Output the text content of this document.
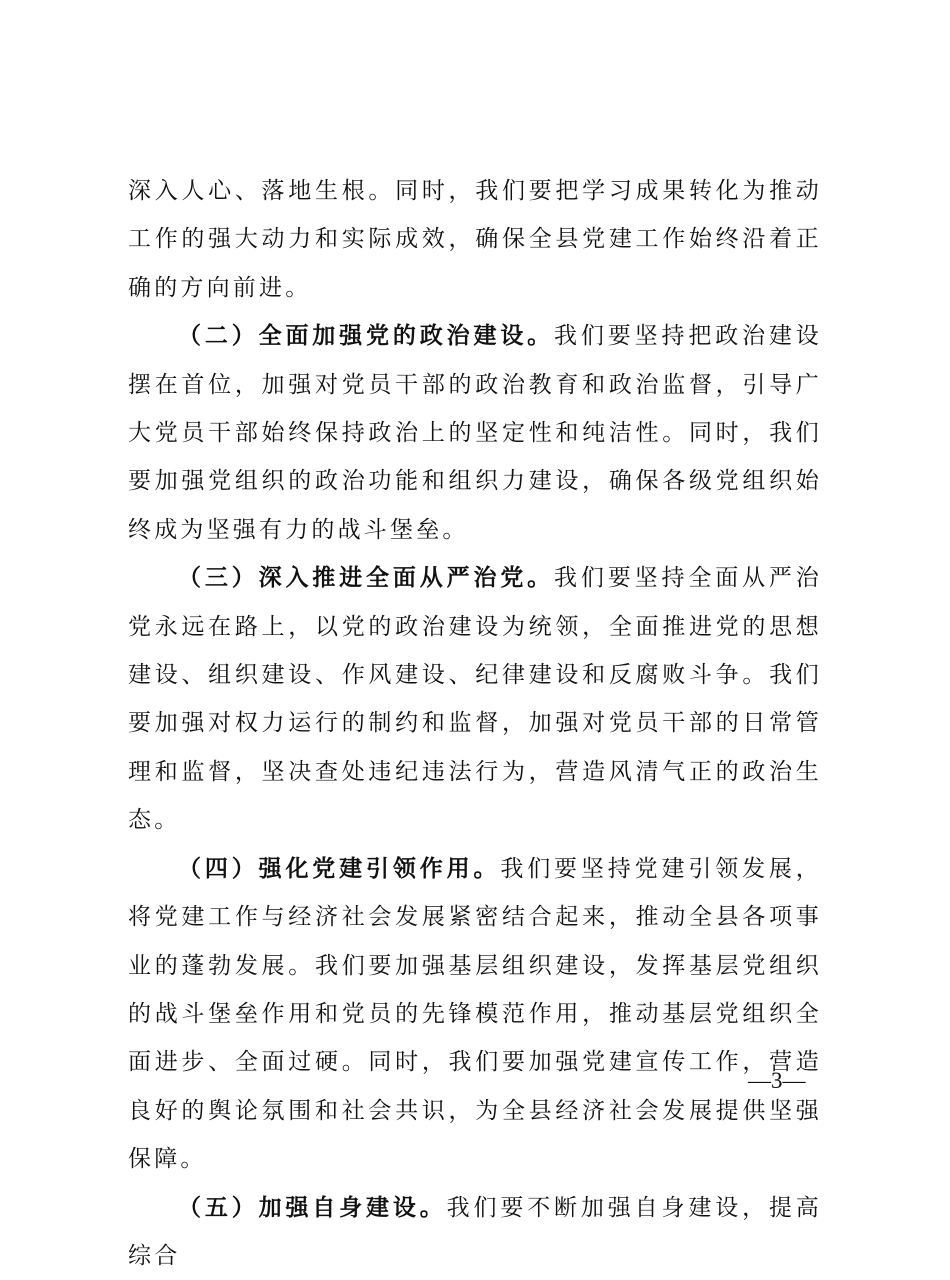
深入人心、落地生根。同时，我们要把学习成果转化为推动工作的强大动力和实际成效，确保全县党建工作始终沿着正确的方向前进。

（二）全面加强党的政治建设。我们要坚持把政治建设摆在首位，加强对党员干部的政治教育和政治监督，引导广大党员干部始终保持政治上的坚定性和纯洁性。同时，我们要加强党组织的政治功能和组织力建设，确保各级党组织始终成为坚强有力的战斗堡垒。

（三）深入推进全面从严治党。我们要坚持全面从严治党永远在路上，以党的政治建设为统领，全面推进党的思想建设、组织建设、作风建设、纪律建设和反腐败斗争。我们要加强对权力运行的制约和监督，加强对党员干部的日常管理和监督，坚决查处违纪违法行为，营造风清气正的政治生态。

（四）强化党建引领作用。我们要坚持党建引领发展，将党建工作与经济社会发展紧密结合起来，推动全县各项事业的蓬勃发展。我们要加强基层组织建设，发挥基层党组织的战斗堡垒作用和党员的先锋模范作用，推动基层党组织全面进步、全面过硬。同时，我们要加强党建宣传工作，营造良好的舆论氛围和社会共识，为全县经济社会发展提供坚强保障。

（五）加强自身建设。我们要不断加强自身建设，提高综合

—3—
